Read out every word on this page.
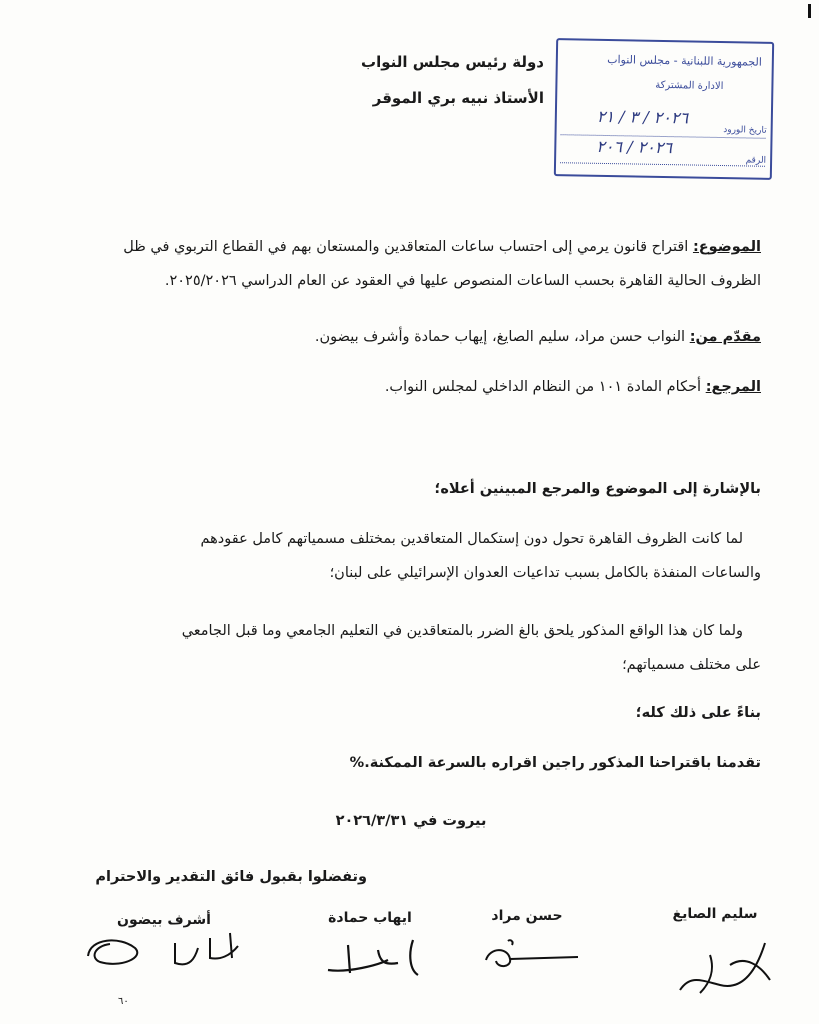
دولة رئيس مجلس النواب
الأستاذ نبيه بري الموقر
الجمهورية اللبنانية - مجلس النواب
الادارة المشتركة
تاريخ الورود
٢٠٢٦ / ٣ / ٢١
الرقم
٢٠٢٦ / ٢٠٦
الموضوع: اقتراح قانون يرمي إلى احتساب ساعات المتعاقدين والمستعان بهم في القطاع التربوي في ظل
الظروف الحالية القاهرة بحسب الساعات المنصوص عليها في العقود عن العام الدراسي ٢٠٢٥/٢٠٢٦.
مقدّم من: النواب حسن مراد، سليم الصايغ، إيهاب حمادة وأشرف بيضون.
المرجع: أحكام المادة ١٠١ من النظام الداخلي لمجلس النواب.
بالإشارة إلى الموضوع والمرجع المبينين أعلاه؛
لما كانت الظروف القاهرة تحول دون إستكمال المتعاقدين بمختلف مسمياتهم كامل عقودهم
والساعات المنفذة بالكامل بسبب تداعيات العدوان الإسرائيلي على لبنان؛
ولما كان هذا الواقع المذكور يلحق بالغ الضرر بالمتعاقدين في التعليم الجامعي وما قبل الجامعي
على مختلف مسمياتهم؛
بناءً على ذلك كله؛
تقدمنا باقتراحنا المذكور راجين اقراره بالسرعة الممكنة.%
بيروت في ٢٠٢٦/٣/٣١
وتفضلوا بقبول فائق التقدير والاحترام
سليم الصايغ
حسن مراد
ايهاب حمادة
أشرف بيضون
٦٠
